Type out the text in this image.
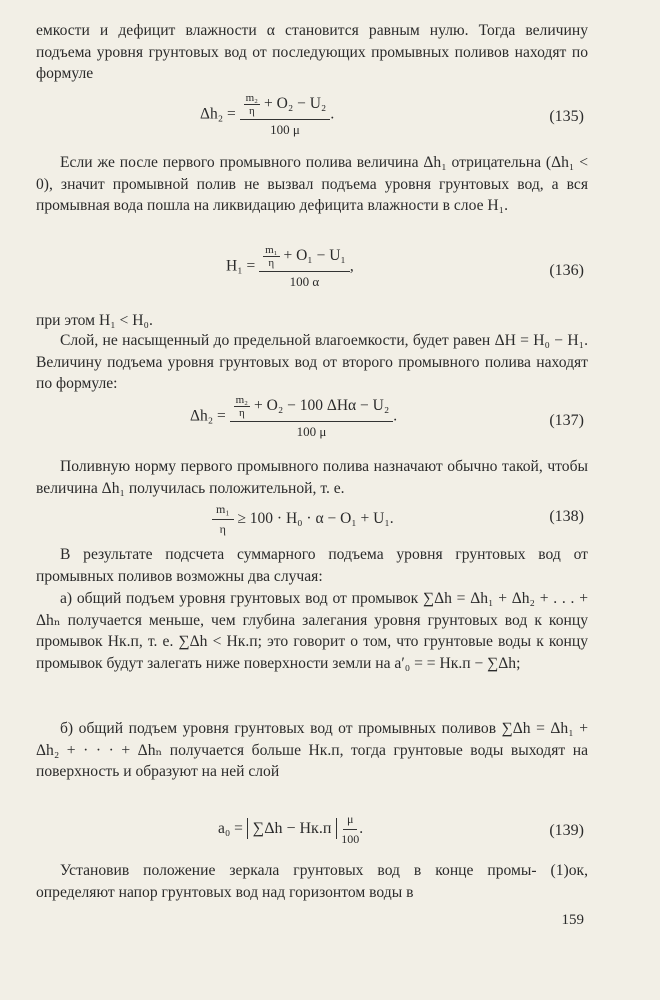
емкости и дефицит влажности α становится равным нулю. Тогда величину подъема уровня грунтовых вод от последующих промывных поливов находят по формуле

$\Delta h_2 = \frac{\frac{\text{m₂}}{\eta} + O_2 - U_2}{100 \mu}$ .	(135)

Если же после первого промывного полива величина Δh₁ отрицательна (Δh₁ < 0), значит промывной полив не вызвал подъема уровня грунтовых вод, а вся промывная вода пошла на ликвидацию дефицита влажности в слое H₁.

$H_1 = \frac{\frac{\text{m₁}}{\eta} + O_1 - U_1}{100 \alpha}$ ,	(136)

при этом H₁ < H₀.

Слой, не насыщенный до предельной влагоемкости, будет равен ΔH = H₀ − H₁. Величину подъема уровня грунтовых вод от второго промывного полива находят по формуле:

$\Delta h_2 = \frac{\frac{\text{m₂}}{\eta} + O_2 - 100 \Delta H\alpha - U_2}{100 \mu}$ .	(137)

Поливную норму первого промывного полива назначают обычно такой, чтобы величина Δh₁ получилась положительной, т. е.

$\frac{\text{m₁}}{\eta} \ge 100 \cdot H_0 \cdot \alpha - O_1 + U_1$.	(138)

В результате подсчета суммарного подъема уровня грунтовых вод от промывных поливов возможны два случая:

а) общий подъем уровня грунтовых вод от промывок ∑Δh = Δh₁ + Δh₂ + . . . + Δhₙ получается меньше, чем глубина залегания уровня грунтовых вод к концу промывок Hк.п, т. е. ∑Δh < Hк.п; это говорит о том, что грунтовые воды к концу промывок будут залегать ниже поверхности земли на a′₀ = = Hк.п − ∑Δh;

б) общий подъем уровня грунтовых вод от промывных поливов ∑Δh = Δh₁ + Δh₂ + · · · + Δhₙ получается больше Hк.п, тогда грунтовые воды выходят на поверхность и образуют на ней слой

$a_0 = \sum\Delta h - Hк.п \frac{\mu}{100}$ .	(139)

Установив положение зеркала грунтовых вод в конце промы- (1)ок, определяют напор грунтовых вод над горизонтом воды в

159
